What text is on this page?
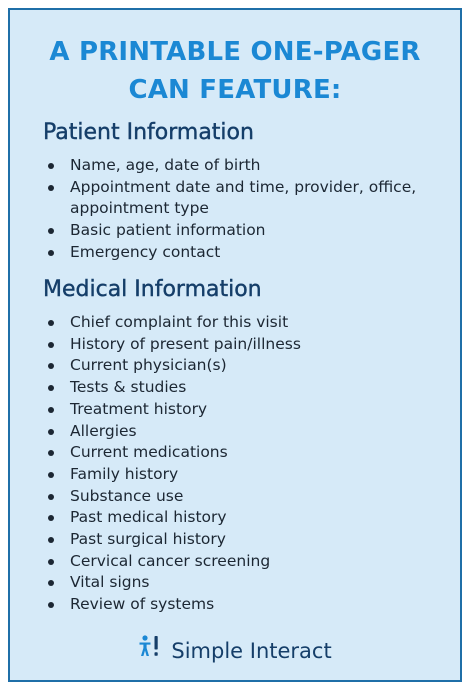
A PRINTABLE ONE-PAGER
CAN FEATURE:
Patient Information
Name, age, date of birth
Appointment date and time, provider, office,
appointment type
Basic patient information
Emergency contact
Medical Information
Chief complaint for this visit
History of present pain/illness
Current physician(s)
Tests & studies
Treatment history
Allergies
Current medications
Family history
Substance use
Past medical history
Past surgical history
Cervical cancer screening
Vital signs
Review of systems
Simple Interact
